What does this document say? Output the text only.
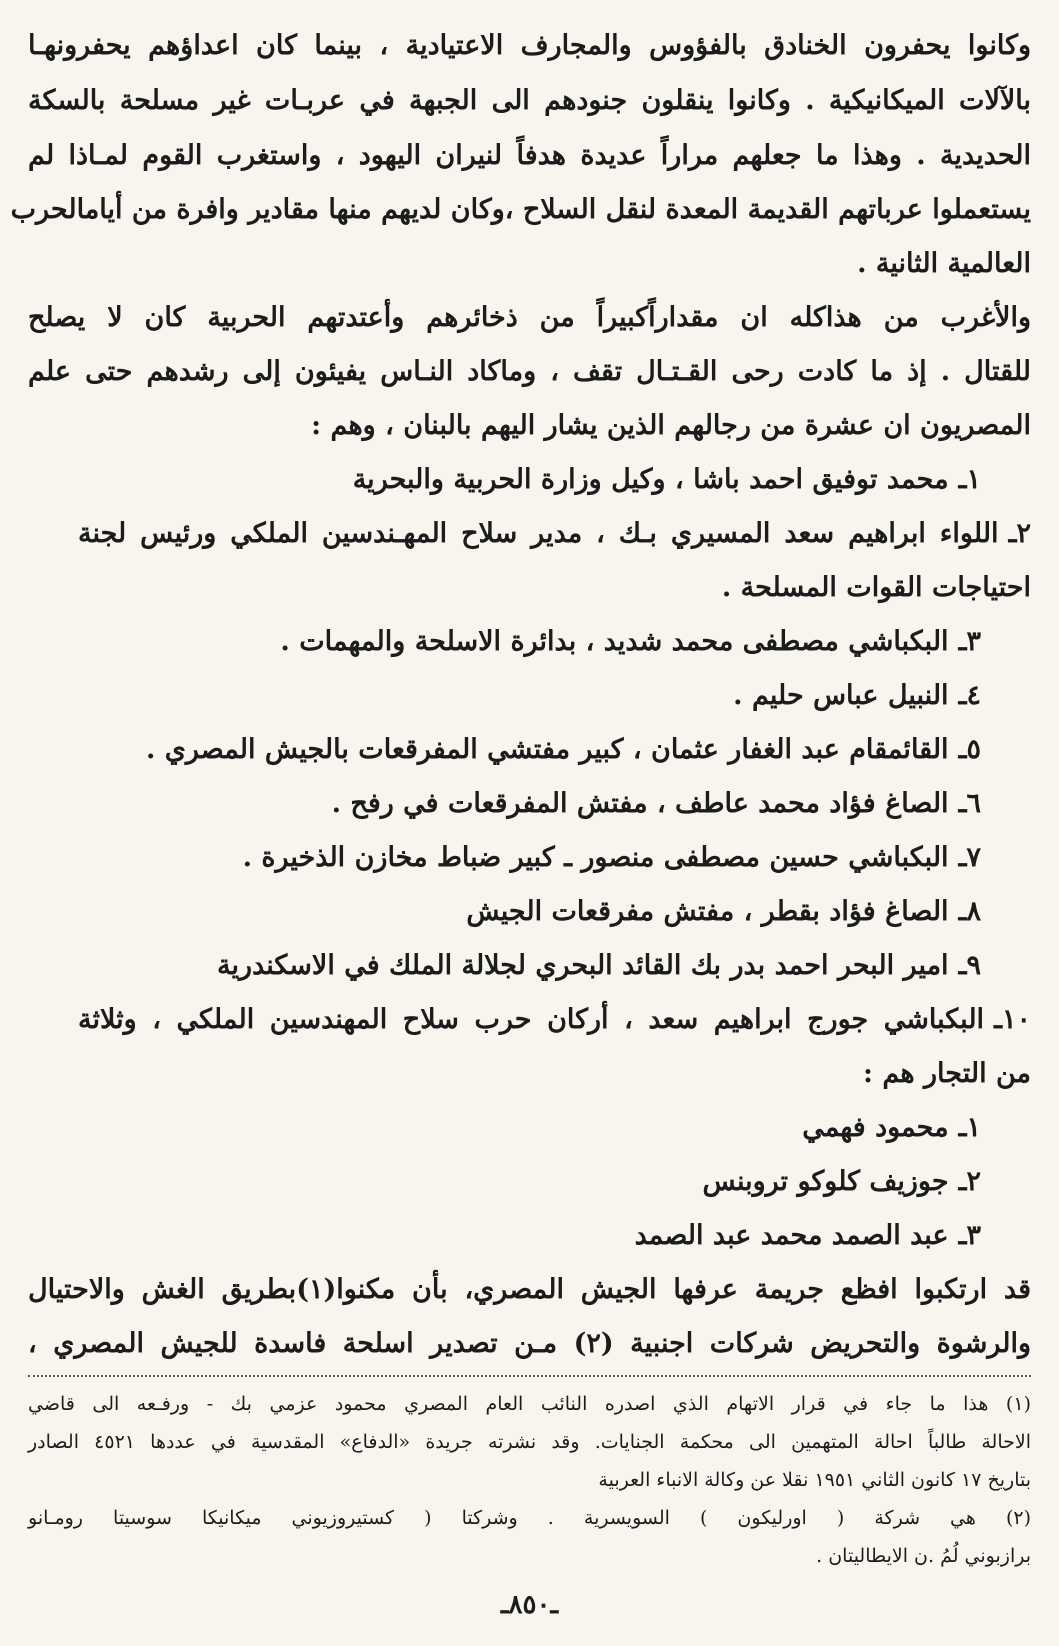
وكانوا يحفرون الخنادق بالفؤوس والمجارف الاعتيادية ، بينما كان اعداؤهم يحفرونهـا
بالآلات الميكانيكية . وكانوا ينقلون جنودهم الى الجبهة في عربـات غير مسلحة بالسكة
الحديدية . وهذا ما جعلهم مراراً عديدة هدفاً لنيران اليهود ، واستغرب القوم لمـاذا لم
يستعملوا عرباتهم القديمة المعدة لنقل السلاح ،وكان لديهم منها مقادير وافرة من أيامالحرب
العالمية الثانية .
والأغرب من هذاكله ان مقداراًكبيراً من ذخائرهم وأعتدتهم الحربية كان لا يصلح
للقتال . إذ ما كادت رحى القـتـال تقف ، وماكاد النـاس يفيئون إلى رشدهم حتى علم
المصريون ان عشرة من رجالهم الذين يشار اليهم بالبنان ، وهم :
١ـمحمد توفيق احمد باشا ، وكيل وزارة الحربية والبحرية
٢ـاللواء ابراهيم سعد المسيري بـك ، مدير سلاح المهـندسين الملكي ورئيس لجنة
احتياجات القوات المسلحة .
٣ـالبكباشي مصطفى محمد شديد ، بدائرة الاسلحة والمهمات .
٤ـالنبيل عباس حليم .
٥ـالقائمقام عبد الغفار عثمان ، كبير مفتشي المفرقعات بالجيش المصري .
٦ـالصاغ فؤاد محمد عاطف ، مفتش المفرقعات في رفح .
٧ـالبكباشي حسين مصطفى منصور ـ كبير ضباط مخازن الذخيرة .
٨ـالصاغ فؤاد بقطر ، مفتش مفرقعات الجيش
٩ـامير البحر احمد بدر بك القائد البحري لجلالة الملك في الاسكندرية
١٠ـالبكباشي جورج ابراهيم سعد ، أركان حرب سلاح المهندسين الملكي ، وثلاثة
من التجار هم :
١ـمحمود فهمي
٢ـجوزيف كلوكو تروبنس
٣ـعبد الصمد محمد عبد الصمد
قد ارتكبوا افظع جريمة عرفها الجيش المصري، بأن مكنوا(١)بطريق الغش والاحتيال
والرشوة والتحريض شركات اجنبية (٢) مـن تصدير اسلحة فاسدة للجيش المصري ،
(١) هذا ما جاء في قرار الاتهام الذي اصدره النائب العام المصري محمود عزمي بك - ورفـعه الى قاضي
الاحالة طالباً احالة المتهمين الى محكمة الجنايات. وقد نشرته جريدة «الدفاع» المقدسية في عددها ٤٥٢١ الصادر
بتاريخ ١٧ كانون الثاني ١٩٥١ نقلا عن وكالة الانباء العربية
(٢) هي شركة ( اورليكون ) السويسرية . وشركتا ( كستيروزيوني ميكانيكا سوسيتا رومـانو
برازبوني لُمُ .ن الايطاليتان .
ـ٨٥٠ـ
